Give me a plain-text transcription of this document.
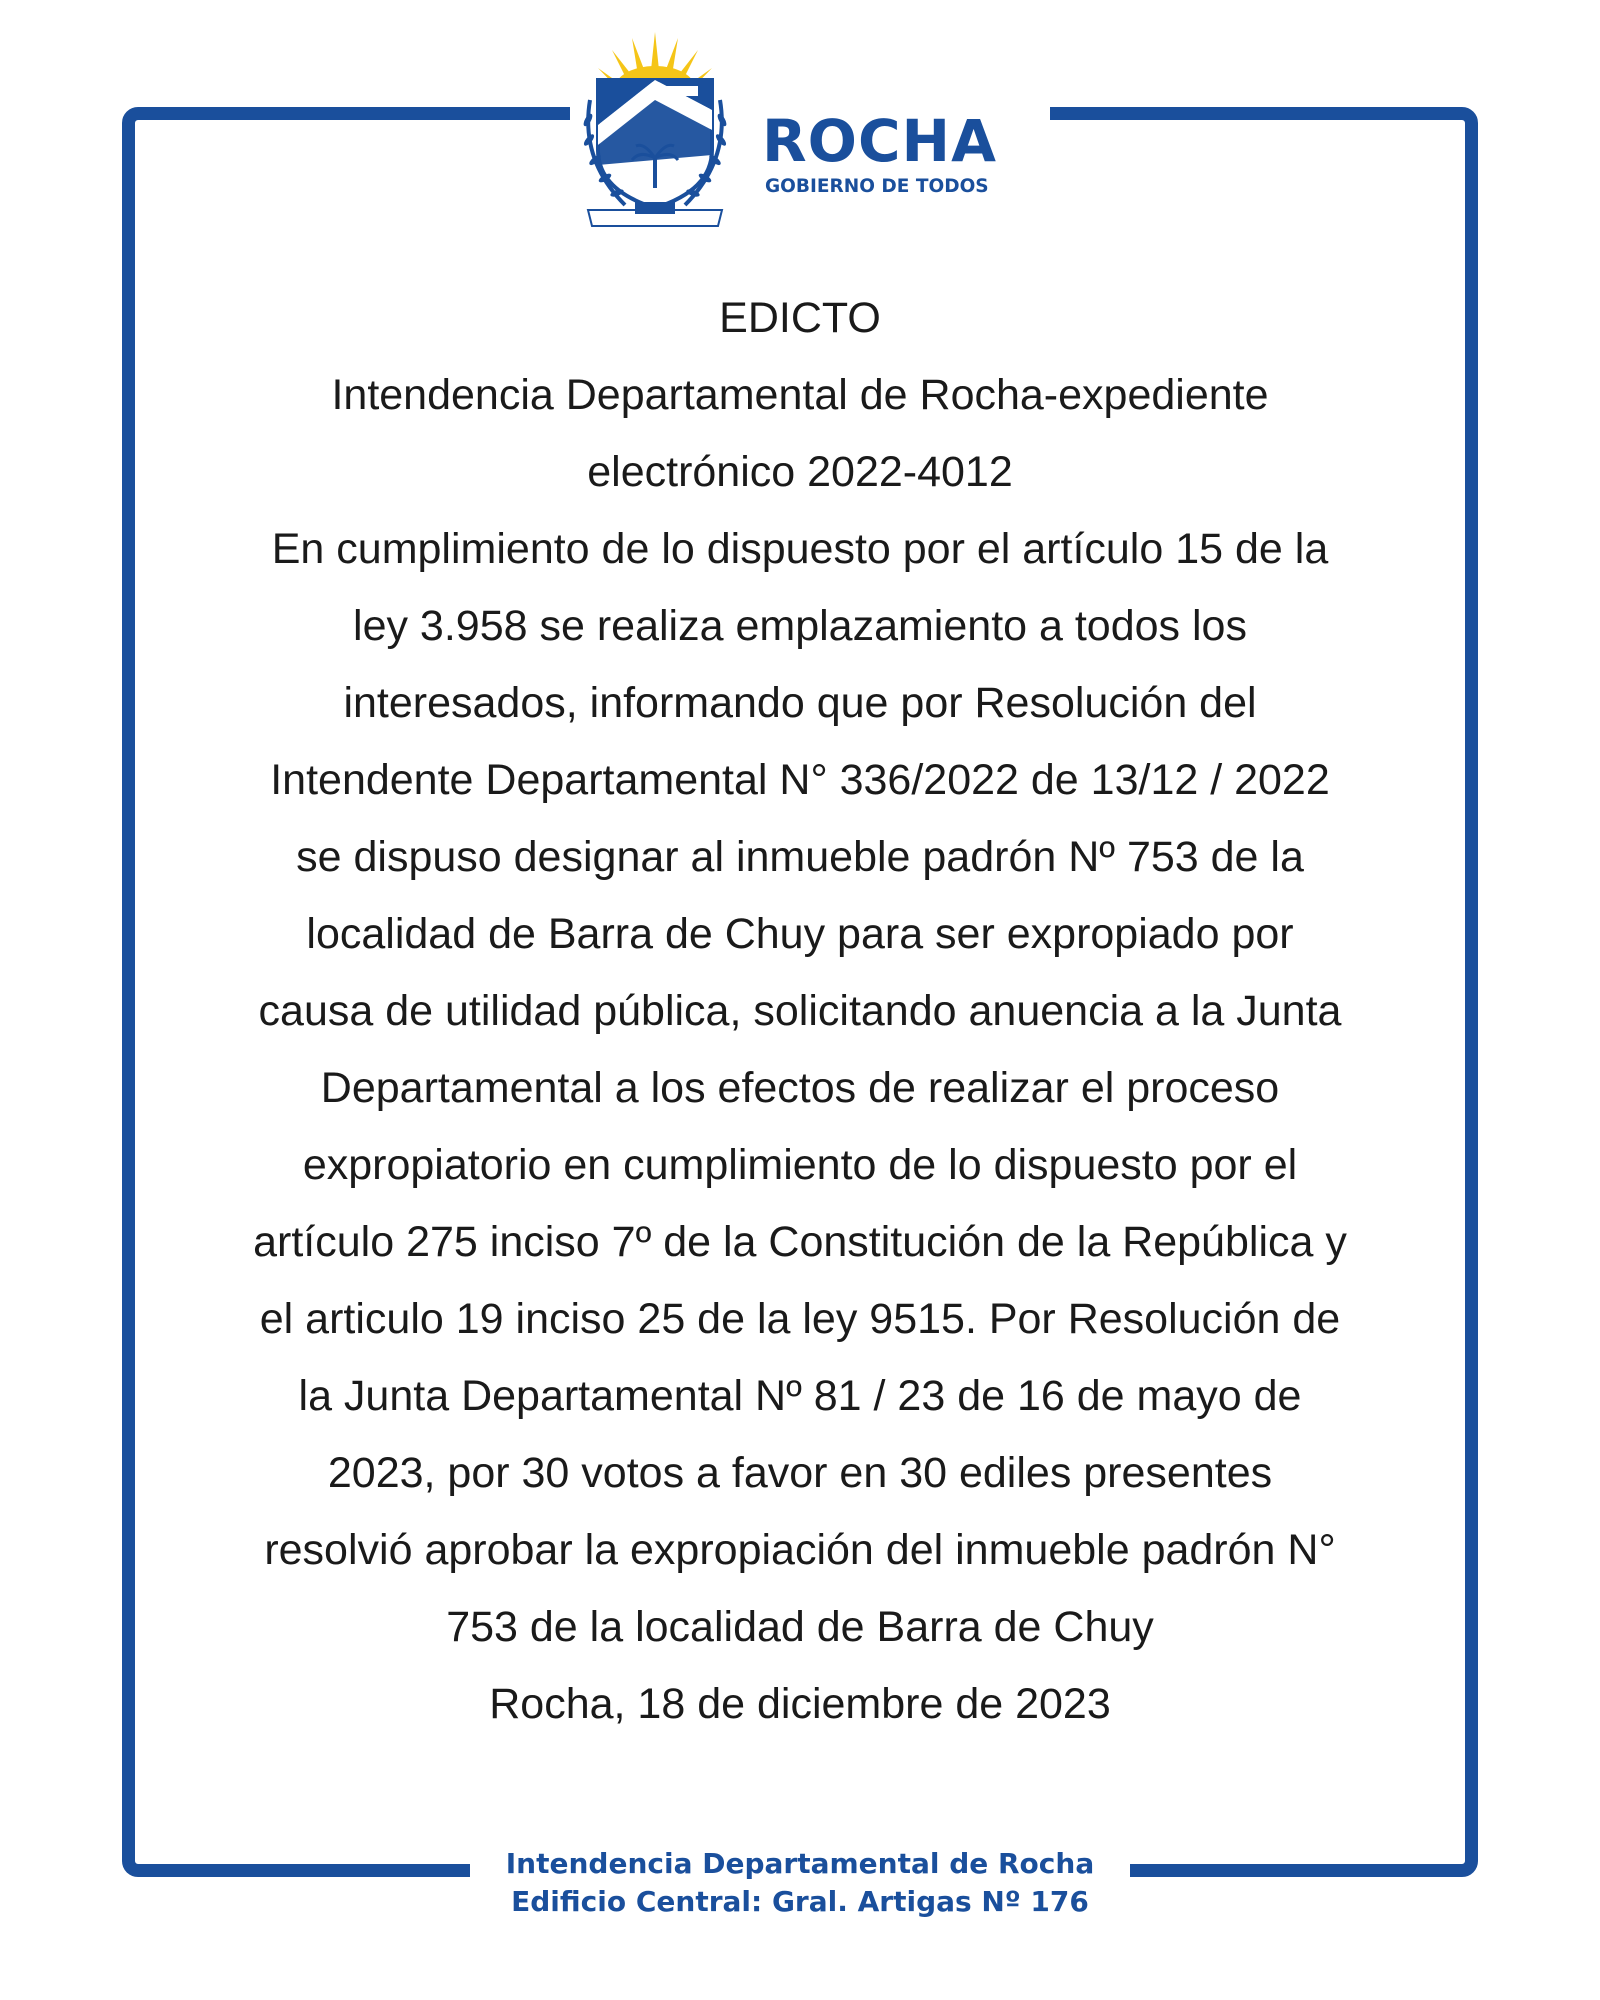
ROCHA
GOBIERNO DE TODOS
EDICTO
Intendencia Departamental de Rocha-expediente
electrónico 2022-4012
En cumplimiento de lo dispuesto por el artículo 15 de la
ley 3.958 se realiza emplazamiento a todos los
interesados, informando que por Resolución del
Intendente Departamental N° 336/2022 de 13/12 / 2022
se dispuso designar al inmueble padrón Nº 753 de la
localidad de Barra de Chuy para ser expropiado por
causa de utilidad pública, solicitando anuencia a la Junta
Departamental a los efectos de realizar el proceso
expropiatorio en cumplimiento de lo dispuesto por el
artículo 275 inciso 7º de la Constitución de la República y
el articulo 19 inciso 25 de la ley 9515. Por Resolución de
la Junta Departamental Nº 81 / 23 de 16 de mayo de
2023, por 30 votos a favor en 30 ediles presentes
resolvió aprobar la expropiación del inmueble padrón N°
753 de la localidad de Barra de Chuy
Rocha, 18 de diciembre de 2023
Intendencia Departamental de Rocha
Edificio Central: Gral. Artigas Nº 176
